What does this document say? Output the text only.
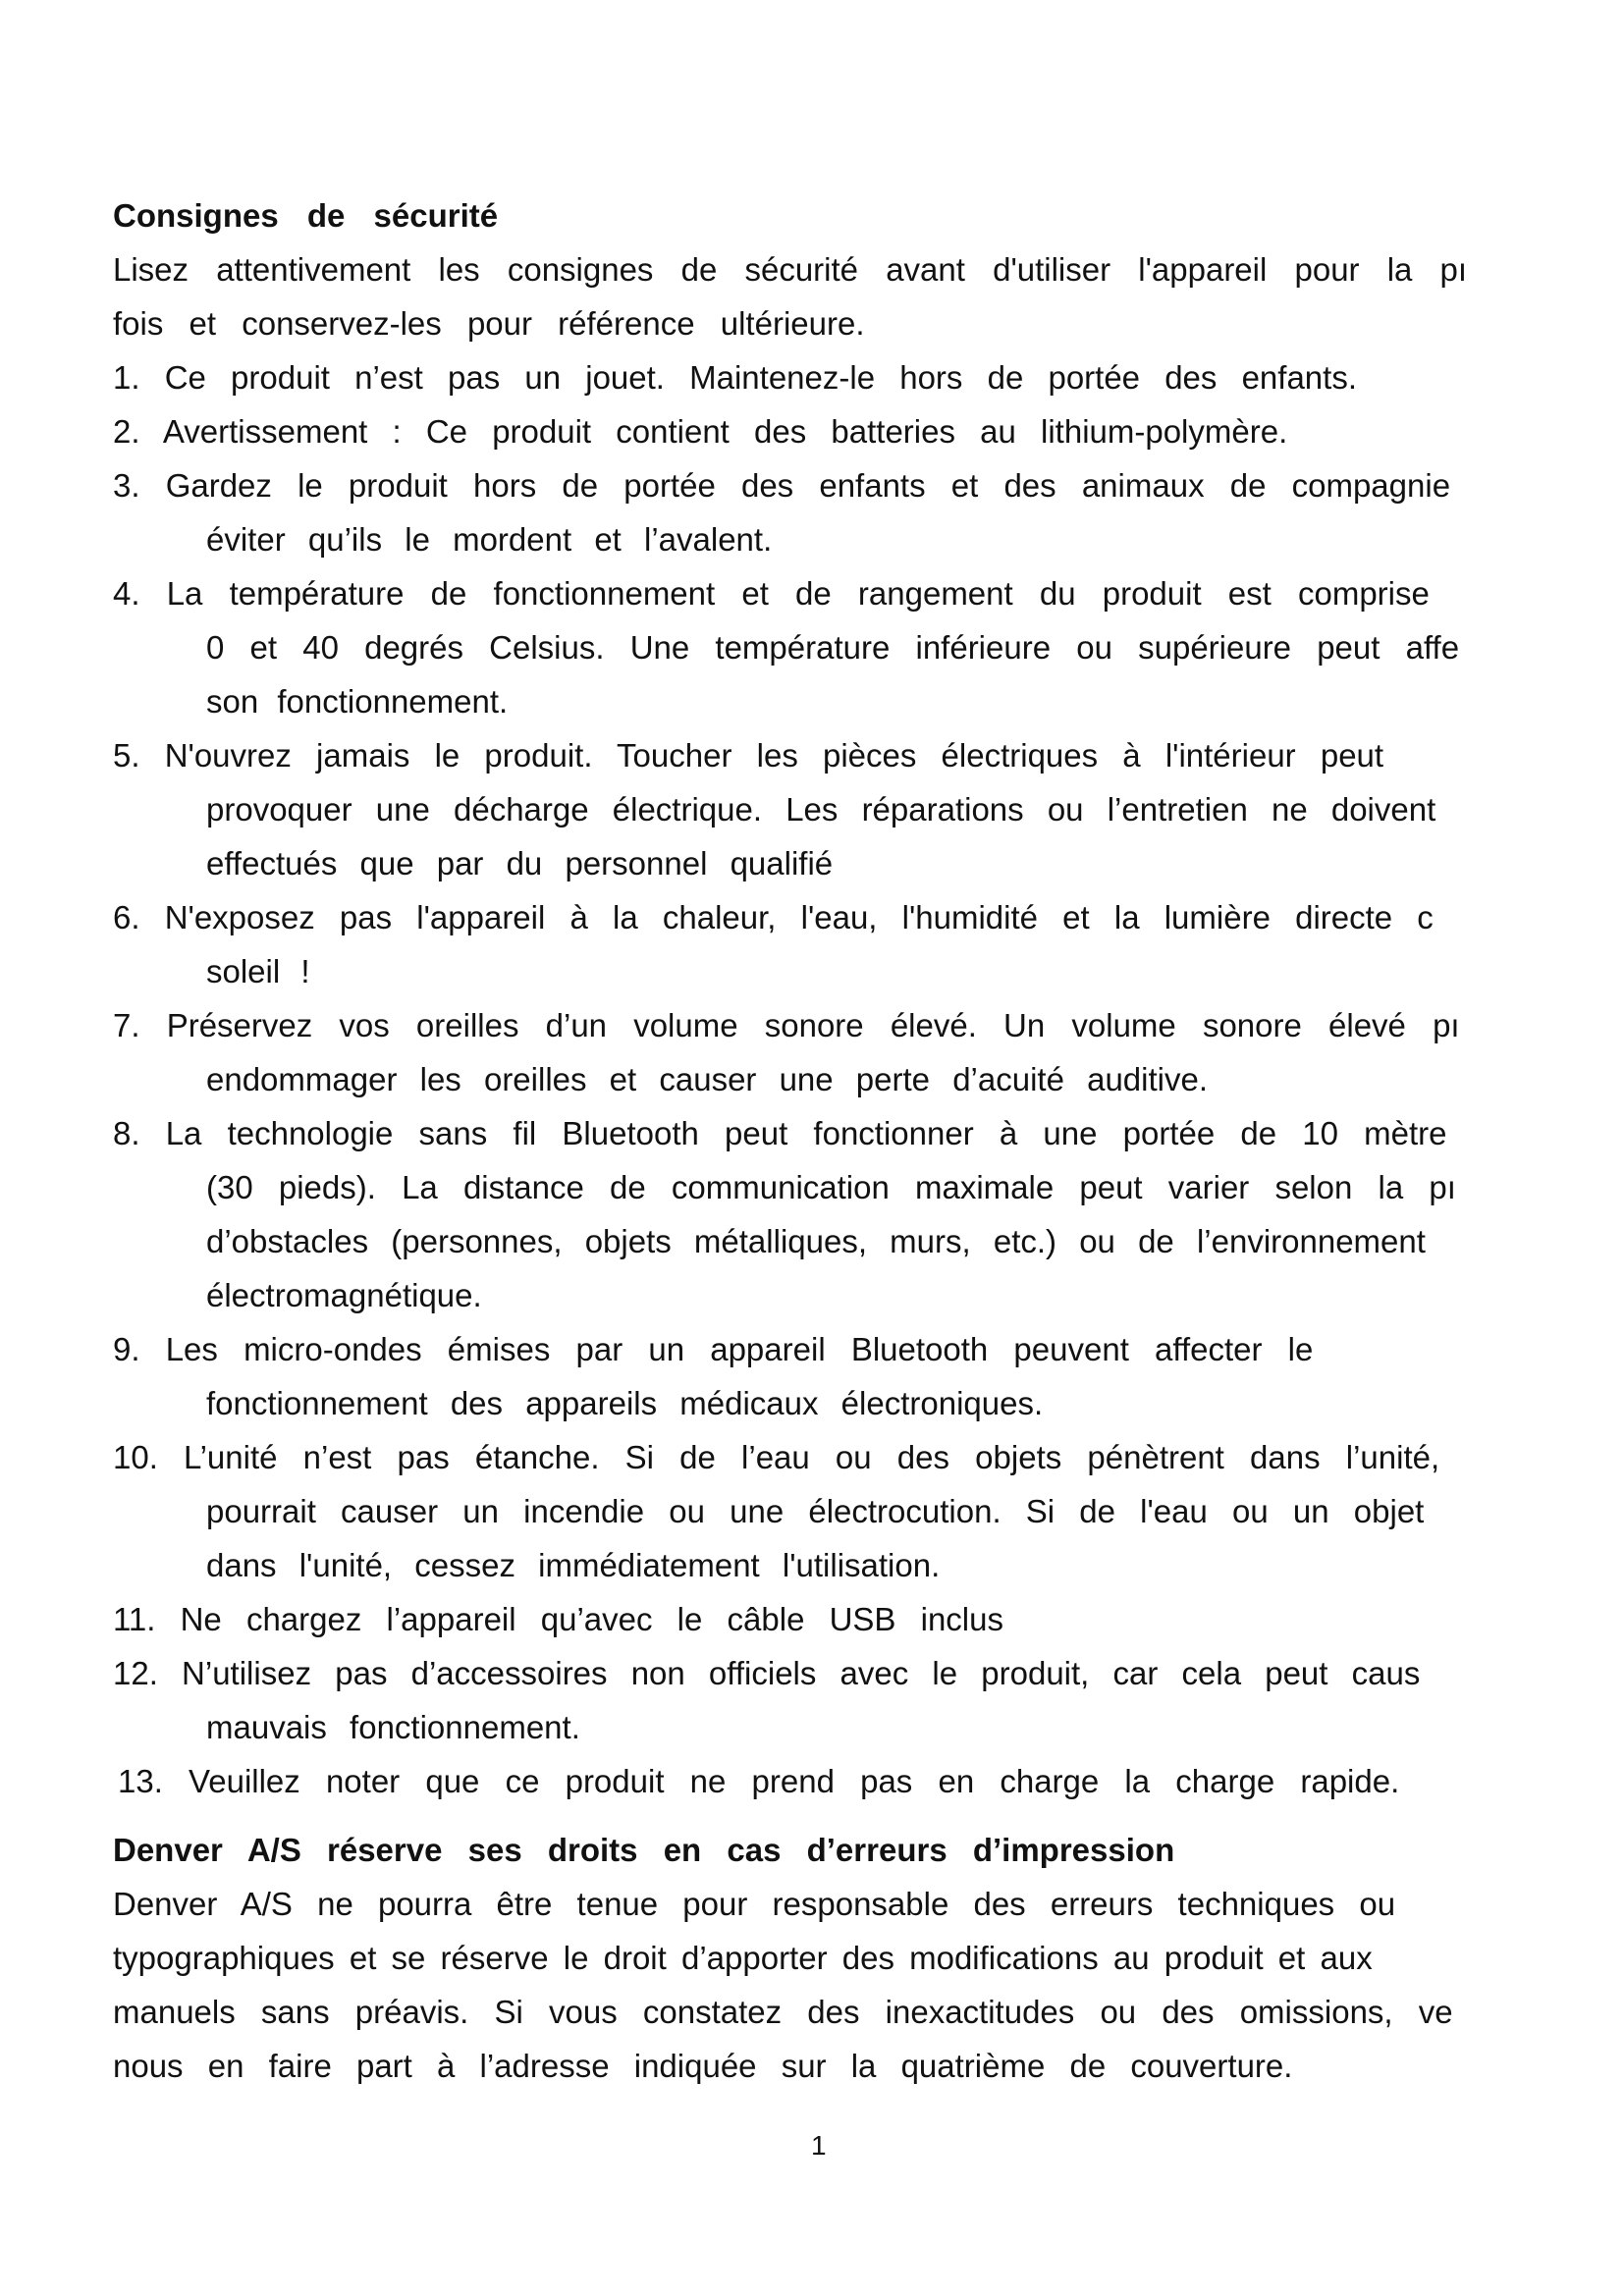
Consignes de sécurité
Lisez attentivement les consignes de sécurité avant d'utiliser l'appareil pour la pı
fois et conservez-les pour référence ultérieure.
1. Ce produit n’est pas un jouet. Maintenez-le hors de portée des enfants.
2. Avertissement : Ce produit contient des batteries au lithium-polymère.
3. Gardez le produit hors de portée des enfants et des animaux de compagnie
éviter qu’ils le mordent et l’avalent.
4. La température de fonctionnement et de rangement du produit est comprise
0 et 40 degrés Celsius. Une température inférieure ou supérieure peut affe
son fonctionnement.
5. N'ouvrez jamais le produit. Toucher les pièces électriques à l'intérieur peut
provoquer une décharge électrique. Les réparations ou l’entretien ne doivent
effectués que par du personnel qualifié
6. N'exposez pas l'appareil à la chaleur, l'eau, l'humidité et la lumière directe c
soleil !
7. Préservez vos oreilles d’un volume sonore élevé. Un volume sonore élevé pı
endommager les oreilles et causer une perte d’acuité auditive.
8. La technologie sans fil Bluetooth peut fonctionner à une portée de 10 mètre
(30 pieds). La distance de communication maximale peut varier selon la pı
d’obstacles (personnes, objets métalliques, murs, etc.) ou de l’environnement
électromagnétique.
9. Les micro-ondes émises par un appareil Bluetooth peuvent affecter le
fonctionnement des appareils médicaux électroniques.
10. L’unité n’est pas étanche. Si de l’eau ou des objets pénètrent dans l’unité,
pourrait causer un incendie ou une électrocution. Si de l'eau ou un objet
dans l'unité, cessez immédiatement l'utilisation.
11. Ne chargez l’appareil qu’avec le câble USB inclus
12. N’utilisez pas d’accessoires non officiels avec le produit, car cela peut caus
mauvais fonctionnement.
13. Veuillez noter que ce produit ne prend pas en charge la charge rapide.
Denver A/S réserve ses droits en cas d’erreurs d’impression
Denver A/S ne pourra être tenue pour responsable des erreurs techniques ou
typographiques et se réserve le droit d’apporter des modifications au produit et aux
manuels sans préavis. Si vous constatez des inexactitudes ou des omissions, ve
nous en faire part à l’adresse indiquée sur la quatrième de couverture.
1
